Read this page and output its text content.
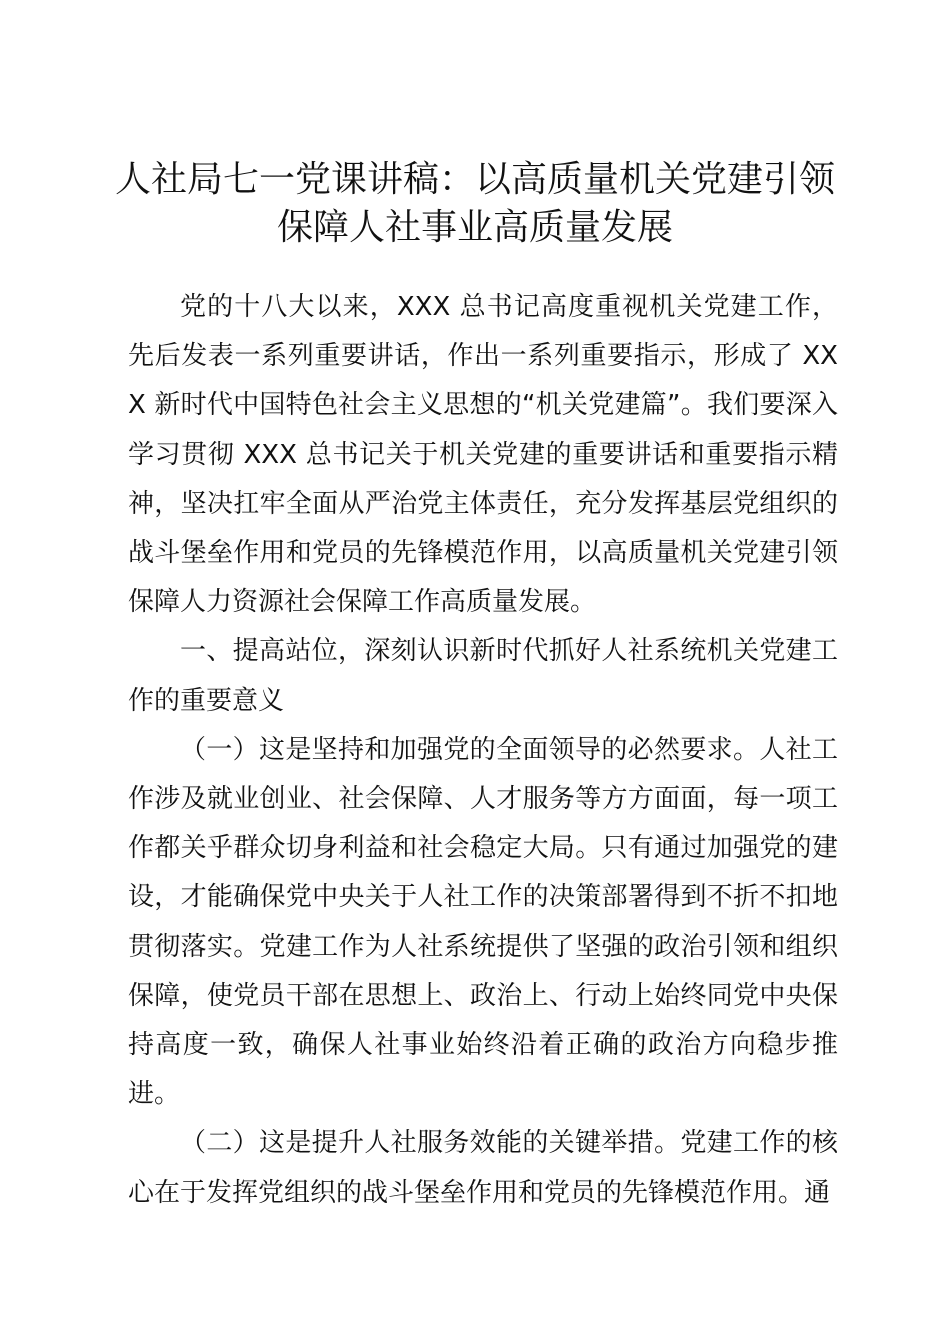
人社局七一党课讲稿：以高质量机关党建引领
保障人社事业高质量发展

党的十八大以来，XXX 总书记高度重视机关党建工作，先后发表一系列重要讲话，作出一系列重要指示，形成了 XXX 新时代中国特色社会主义思想的“机关党建篇”。我们要深入学习贯彻 XXX 总书记关于机关党建的重要讲话和重要指示精神，坚决扛牢全面从严治党主体责任，充分发挥基层党组织的战斗堡垒作用和党员的先锋模范作用，以高质量机关党建引领保障人力资源社会保障工作高质量发展。

一、提高站位，深刻认识新时代抓好人社系统机关党建工作的重要意义

（一）这是坚持和加强党的全面领导的必然要求。人社工作涉及就业创业、社会保障、人才服务等方方面面，每一项工作都关乎群众切身利益和社会稳定大局。只有通过加强党的建设，才能确保党中央关于人社工作的决策部署得到不折不扣地贯彻落实。党建工作为人社系统提供了坚强的政治引领和组织保障，使党员干部在思想上、政治上、行动上始终同党中央保持高度一致，确保人社事业始终沿着正确的政治方向稳步推进。

（二）这是提升人社服务效能的关键举措。党建工作的核心在于发挥党组织的战斗堡垒作用和党员的先锋模范作用。通
